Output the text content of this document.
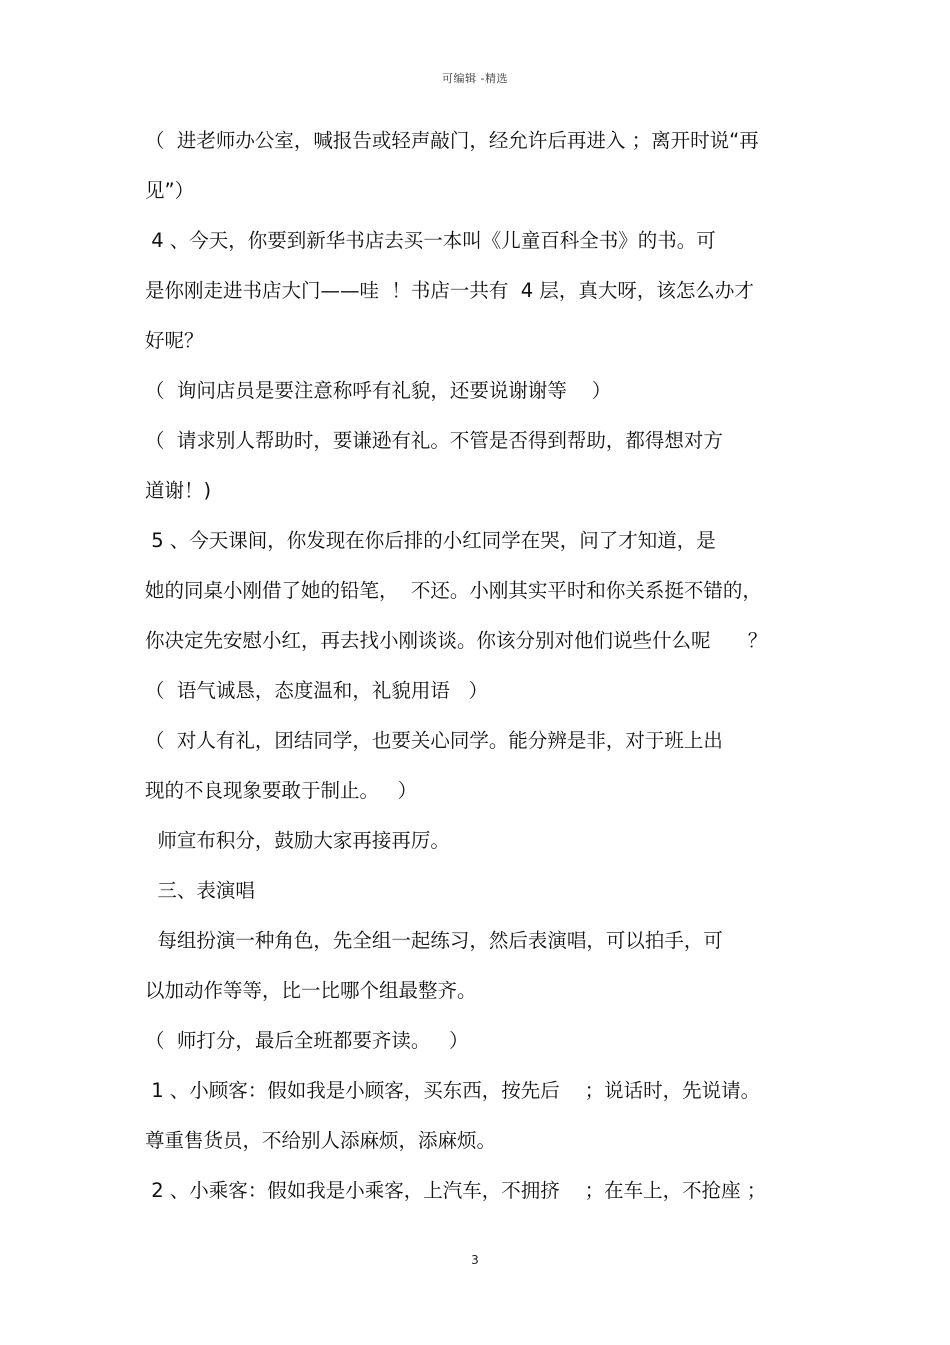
可编辑 -精选
（  进老师办公室，喊报告或轻声敲门，经允许后再进入 ；离开时说“再
见”）
4 、今天，你要到新华书店去买一本叫《儿童百科全书》的书。可
是你刚走进书店大门——哇  ！书店一共有  4 层，真大呀，该怎么办才
好呢？
（  询问店员是要注意称呼有礼貌，还要说谢谢等    ）
（  请求别人帮助时，要谦逊有礼。不管是否得到帮助，都得想对方
道谢！)
5 、今天课间，你发现在你后排的小红同学在哭，问了才知道，是
她的同桌小刚借了她的铅笔，  不还。小刚其实平时和你关系挺不错的，
你决定先安慰小红，再去找小刚谈谈。你该分别对他们说些什么呢      ？
（  语气诚恳，态度温和，礼貌用语   ）
（  对人有礼，团结同学，也要关心同学。能分辨是非，对于班上出
现的不良现象要敢于制止。   ）
师宣布积分，鼓励大家再接再厉。
三、表演唱
每组扮演一种角色，先全组一起练习，然后表演唱，可以拍手，可
以加动作等等，比一比哪个组最整齐。
（  师打分，最后全班都要齐读。   ）
1 、小顾客：假如我是小顾客，买东西，按先后    ；说话时，先说请。
尊重售货员，不给别人添麻烦，添麻烦。
2 、小乘客：假如我是小乘客，上汽车，不拥挤    ；在车上，不抢座 ；
3
